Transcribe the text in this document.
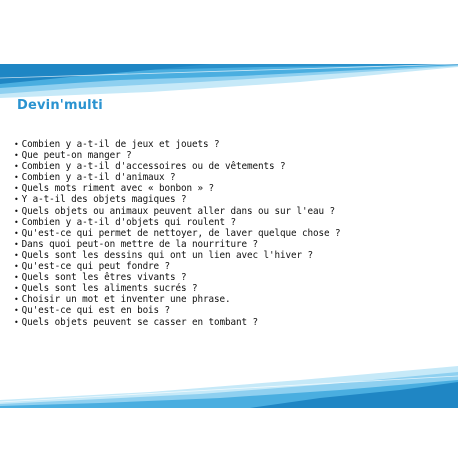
Devin'multi
• Combien y a-t-il de jeux et jouets ?
• Que peut-on manger ?
• Combien y a-t-il d'accessoires ou de vêtements ?
• Combien y a-t-il d'animaux ?
• Quels mots riment avec « bonbon » ?
• Y a-t-il des objets magiques ?
• Quels objets ou animaux peuvent aller dans ou sur l'eau ?
• Combien y a-t-il d'objets qui roulent ?
• Qu'est-ce qui permet de nettoyer, de laver quelque chose ?
• Dans quoi peut-on mettre de la nourriture ?
• Quels sont les dessins qui ont un lien avec l'hiver ?
• Qu'est-ce qui peut fondre ?
• Quels sont les êtres vivants ?
• Quels sont les aliments sucrés ?
• Choisir un mot et inventer une phrase.
• Qu'est-ce qui est en bois ?
• Quels objets peuvent se casser en tombant ?
